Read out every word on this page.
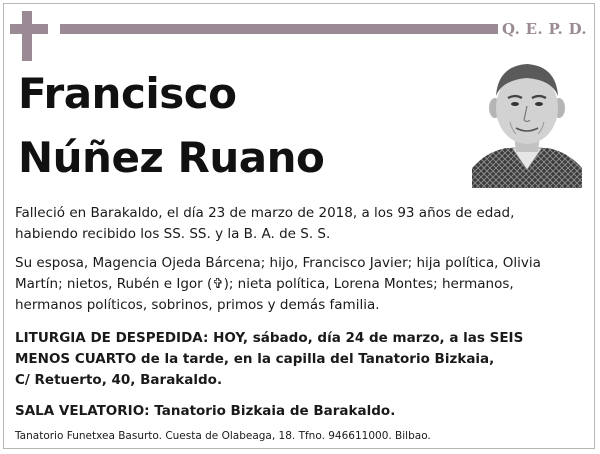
Q. E. P. D.
Francisco
Núñez Ruano
Falleció en Barakaldo, el día 23 de marzo de 2018, a los 93 años de edad,
habiendo recibido los SS. SS. y la B. A. de S. S.
Su esposa, Magencia Ojeda Bárcena; hijo, Francisco Javier; hija política, Olivia
Martín; nietos, Rubén e Igor (✞); nieta política, Lorena Montes; hermanos,
hermanos políticos, sobrinos, primos y demás familia.
LITURGIA DE DESPEDIDA: HOY, sábado, día 24 de marzo, a las SEIS
MENOS CUARTO de la tarde, en la capilla del Tanatorio Bizkaia,
C/ Retuerto, 40, Barakaldo.
SALA VELATORIO: Tanatorio Bizkaia de Barakaldo.
Tanatorio Funetxea Basurto. Cuesta de Olabeaga, 18. Tfno. 946611000. Bilbao.
